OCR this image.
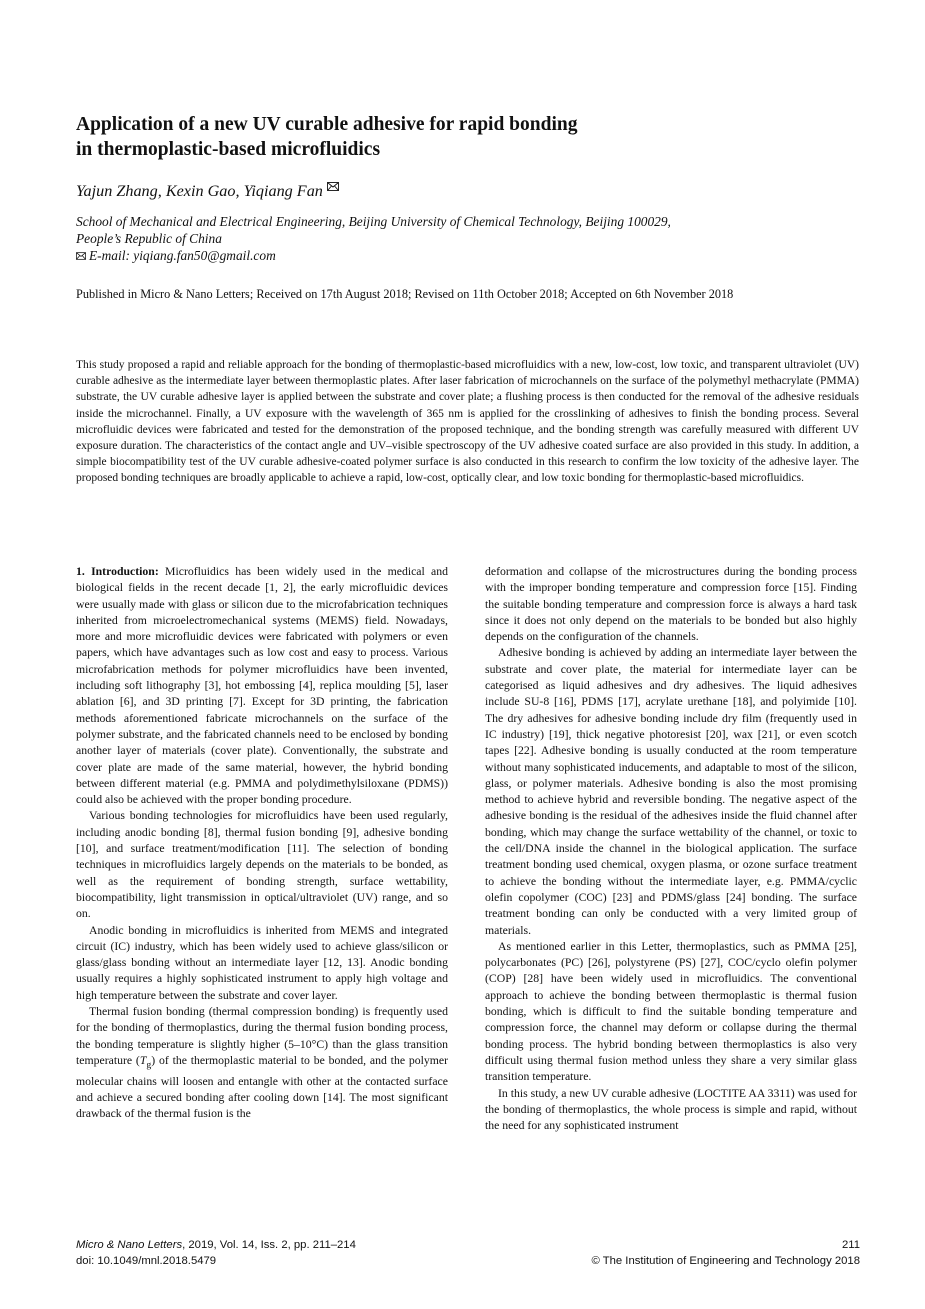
Application of a new UV curable adhesive for rapid bonding
in thermoplastic-based microfluidics
Yajun Zhang, Kexin Gao, Yiqiang Fan
School of Mechanical and Electrical Engineering, Beijing University of Chemical Technology, Beijing 100029,
People’s Republic of China
E-mail: yiqiang.fan50@gmail.com
Published in Micro & Nano Letters; Received on 17th August 2018; Revised on 11th October 2018; Accepted on 6th November 2018
This study proposed a rapid and reliable approach for the bonding of thermoplastic-based microfluidics with a new, low-cost, low toxic, and transparent ultraviolet (UV) curable adhesive as the intermediate layer between thermoplastic plates. After laser fabrication of microchannels on the surface of the polymethyl methacrylate (PMMA) substrate, the UV curable adhesive layer is applied between the substrate and cover plate; a flushing process is then conducted for the removal of the adhesive residuals inside the microchannel. Finally, a UV exposure with the wavelength of 365 nm is applied for the crosslinking of adhesives to finish the bonding process. Several microfluidic devices were fabricated and tested for the demonstration of the proposed technique, and the bonding strength was carefully measured with different UV exposure duration. The characteristics of the contact angle and UV–visible spectroscopy of the UV adhesive coated surface are also provided in this study. In addition, a simple biocompatibility test of the UV curable adhesive-coated polymer surface is also conducted in this research to confirm the low toxicity of the adhesive layer. The proposed bonding techniques are broadly applicable to achieve a rapid, low-cost, optically clear, and low toxic bonding for thermoplastic-based microfluidics.

1. Introduction: Microfluidics has been widely used in the medical and biological fields in the recent decade [1, 2], the early microfluidic devices were usually made with glass or silicon due to the microfabrication techniques inherited from microelectromechanical systems (MEMS) field. Nowadays, more and more microfluidic devices were fabricated with polymers or even papers, which have advantages such as low cost and easy to process. Various microfabrication methods for polymer microfluidics have been invented, including soft lithography [3], hot embossing [4], replica moulding [5], laser ablation [6], and 3D printing [7]. Except for 3D printing, the fabrication methods aforementioned fabricate microchannels on the surface of the polymer substrate, and the fabricated channels need to be enclosed by bonding another layer of materials (cover plate). Conventionally, the substrate and cover plate are made of the same material, however, the hybrid bonding between different material (e.g. PMMA and polydimethylsiloxane (PDMS)) could also be achieved with the proper bonding procedure.

Various bonding technologies for microfluidics have been used regularly, including anodic bonding [8], thermal fusion bonding [9], adhesive bonding [10], and surface treatment/modification [11]. The selection of bonding techniques in microfluidics largely depends on the materials to be bonded, as well as the requirement of bonding strength, surface wettability, biocompatibility, light transmission in optical/ultraviolet (UV) range, and so on.

Anodic bonding in microfluidics is inherited from MEMS and integrated circuit (IC) industry, which has been widely used to achieve glass/silicon or glass/glass bonding without an intermediate layer [12, 13]. Anodic bonding usually requires a highly sophisticated instrument to apply high voltage and high temperature between the substrate and cover layer.

Thermal fusion bonding (thermal compression bonding) is frequently used for the bonding of thermoplastics, during the thermal fusion bonding process, the bonding temperature is slightly higher (5–10°C) than the glass transition temperature $(T_g)$ of the thermoplastic material to be bonded, and the polymer molecular chains will loosen and entangle with other at the contacted surface and achieve a secured bonding after cooling down [14]. The most significant drawback of the thermal fusion is the

deformation and collapse of the microstructures during the bonding process with the improper bonding temperature and compression force [15]. Finding the suitable bonding temperature and compression force is always a hard task since it does not only depend on the materials to be bonded but also highly depends on the configuration of the channels.

Adhesive bonding is achieved by adding an intermediate layer between the substrate and cover plate, the material for intermediate layer can be categorised as liquid adhesives and dry adhesives. The liquid adhesives include SU-8 [16], PDMS [17], acrylate urethane [18], and polyimide [10]. The dry adhesives for adhesive bonding include dry film (frequently used in IC industry) [19], thick negative photoresist [20], wax [21], or even scotch tapes [22]. Adhesive bonding is usually conducted at the room temperature without many sophisticated inducements, and adaptable to most of the silicon, glass, or polymer materials. Adhesive bonding is also the most promising method to achieve hybrid and reversible bonding. The negative aspect of the adhesive bonding is the residual of the adhesives inside the fluid channel after bonding, which may change the surface wettability of the channel, or toxic to the cell/DNA inside the channel in the biological application. The surface treatment bonding used chemical, oxygen plasma, or ozone surface treatment to achieve the bonding without the intermediate layer, e.g. PMMA/cyclic olefin copolymer (COC) [23] and PDMS/glass [24] bonding. The surface treatment bonding can only be conducted with a very limited group of materials.

As mentioned earlier in this Letter, thermoplastics, such as PMMA [25], polycarbonates (PC) [26], polystyrene (PS) [27], COC/cyclo olefin polymer (COP) [28] have been widely used in microfluidics. The conventional approach to achieve the bonding between thermoplastic is thermal fusion bonding, which is difficult to find the suitable bonding temperature and compression force, the channel may deform or collapse during the thermal bonding process. The hybrid bonding between thermoplastics is also very difficult using thermal fusion method unless they share a very similar glass transition temperature.

In this study, a new UV curable adhesive (LOCTITE AA 3311) was used for the bonding of thermoplastics, the whole process is simple and rapid, without the need for any sophisticated instrument

Micro & Nano Letters, 2019, Vol. 14, Iss. 2, pp. 211–214
doi: 10.1049/mnl.2018.5479
211
© The Institution of Engineering and Technology 2018
